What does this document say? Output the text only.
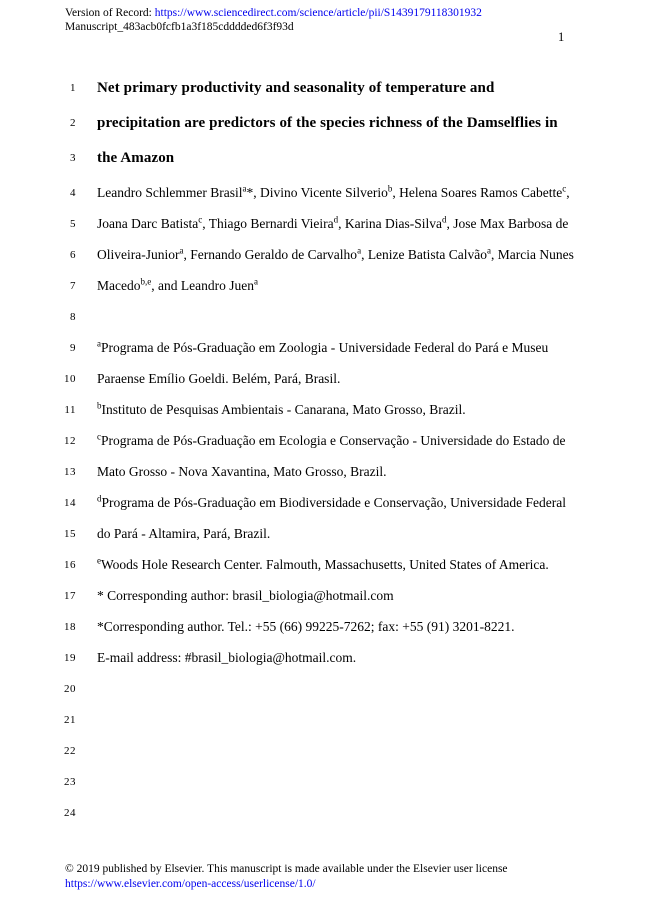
Version of Record: https://www.sciencedirect.com/science/article/pii/S1439179118301932
Manuscript_483acb0fcfb1a3f185cdddded6f3f93d
1
1 Net primary productivity and seasonality of temperature and
2 precipitation are predictors of the species richness of the Damselflies in
3 the Amazon
4 Leandro Schlemmer Brasil$^a$*, Divino Vicente Silverio$^b$, Helena Soares Ramos Cabette$^c$,
5 Joana Darc Batista$^c$, Thiago Bernardi Vieira$^d$, Karina Dias-Silva$^d$, Jose Max Barbosa de
6 Oliveira-Junior$^a$, Fernando Geraldo de Carvalho$^a$, Lenize Batista Calvão$^a$, Marcia Nunes
7 Macedo$^{b,e}$, and Leandro Juen$^a$
8
9 $^a$Programa de Pós-Graduação em Zoologia - Universidade Federal do Pará e Museu
10 Paraense Emílio Goeldi. Belém, Pará, Brasil.
11 $^b$Instituto de Pesquisas Ambientais - Canarana, Mato Grosso, Brazil.
12 $^c$Programa de Pós-Graduação em Ecologia e Conservação - Universidade do Estado de
13 Mato Grosso - Nova Xavantina, Mato Grosso, Brazil.
14 $^d$Programa de Pós-Graduação em Biodiversidade e Conservação, Universidade Federal
15 do Pará - Altamira, Pará, Brazil.
16 $^e$Woods Hole Research Center. Falmouth, Massachusetts, United States of America.
17 * Corresponding author: brasil_biologia@hotmail.com
18 *Corresponding author. Tel.: +55 (66) 99225-7262; fax: +55 (91) 3201-8221.
19 E-mail address: #brasil_biologia@hotmail.com.
20
21
22
23
24
© 2019 published by Elsevier. This manuscript is made available under the Elsevier user license
https://www.elsevier.com/open-access/userlicense/1.0/
